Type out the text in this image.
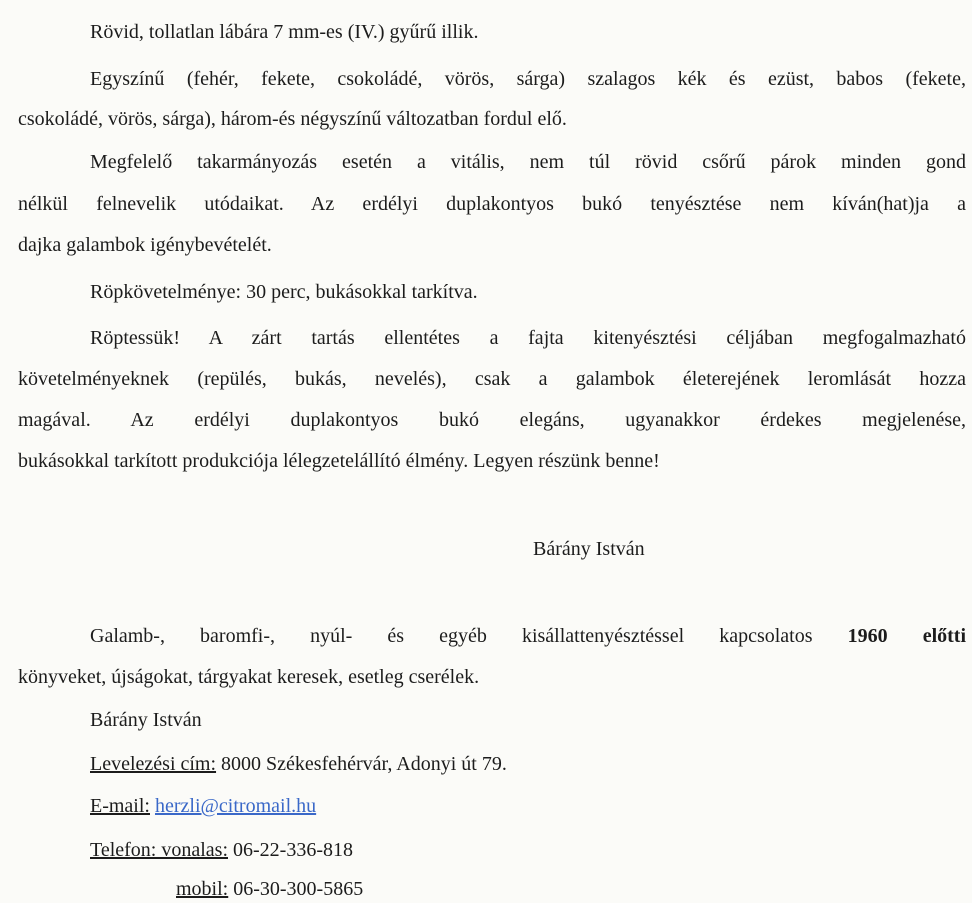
Rövid, tollatlan lábára 7 mm-es (IV.) gyűrű illik.
Egyszínű (fehér, fekete, csokoládé, vörös, sárga) szalagos kék és ezüst, babos (fekete,
csokoládé, vörös, sárga), három-és négyszínű változatban fordul elő.
Megfelelő takarmányozás esetén a vitális, nem túl rövid csőrű párok minden gond
nélkül felnevelik utódaikat. Az erdélyi duplakontyos bukó tenyésztése nem kíván(hat)ja a
dajka galambok igénybevételét.
Röpkövetelménye: 30 perc, bukásokkal tarkítva.
Röptessük! A zárt tartás ellentétes a fajta kitenyésztési céljában megfogalmazható
követelményeknek (repülés, bukás, nevelés), csak a galambok életerejének leromlását hozza
magával. Az erdélyi duplakontyos bukó elegáns, ugyanakkor érdekes megjelenése,
bukásokkal tarkított produkciója lélegzetelállító élmény. Legyen részünk benne!
Bárány István
Galamb-, baromfi-, nyúl- és egyéb kisállattenyésztéssel kapcsolatos 1960 előtti
könyveket, újságokat, tárgyakat keresek, esetleg cserélek.
Bárány István
Levelezési cím: 8000 Székesfehérvár, Adonyi út 79.
E-mail: herzli@citromail.hu
Telefon: vonalas: 06-22-336-818
mobil: 06-30-300-5865
